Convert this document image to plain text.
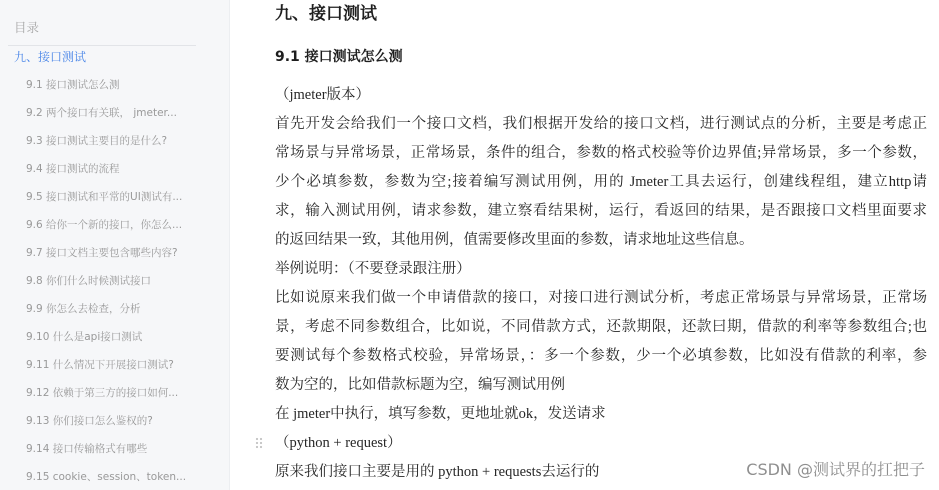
目录
九、接口测试
9.1 接口测试怎么测
9.2 两个接口有关联， jmeter...
9.3 接口测试主要目的是什么?
9.4 接口测试的流程
9.5 接口测试和平常的UI测试有...
9.6 给你一个新的接口，你怎么...
9.7 接口文档主要包含哪些内容?
9.8 你们什么时候测试接口
9.9 你怎么去检查，分析
9.10 什么是api接口测试
9.11 什么情况下开展接口测试?
9.12 依赖于第三方的接口如何...
9.13 你们接口怎么鉴权的?
9.14 接口传输格式有哪些
9.15 cookie、session、token...
九、接口测试
9.1 接口测试怎么测

（jmeter版本）

首先开发会给我们一个接口文档，我们根据开发给的接口文档，进行测试点的分析，主要是考虑正

常场景与异常场景，正常场景，条件的组合，参数的格式校验等价边界值;异常场景，多一个参数，

少个必填参数，参数为空;接着编写测试用例，用的 Jmeter工具去运行，创建线程组，建立http请

求，输入测试用例，请求参数，建立察看结果树，运行，看返回的结果，是否跟接口文档里面要求

的返回结果一致，其他用例，值需要修改里面的参数，请求地址这些信息。

举例说明：（不要登录跟注册）

比如说原来我们做一个申请借款的接口，对接口进行测试分析，考虑正常场景与异常场景，正常场

景，考虑不同参数组合，比如说，不同借款方式，还款期限，还款曰期，借款的利率等参数组合;也

要测试每个参数格式校验，异常场景，：多一个参数，少一个必填参数，比如没有借款的利率，参

数为空的，比如借款标题为空，编写测试用例

在 jmeter中执行，填写参数，更地址就ok，发送请求

（python + request）

原来我们接口主要是用的 python + requests去运行的	CSDN @测试界的扛把子
